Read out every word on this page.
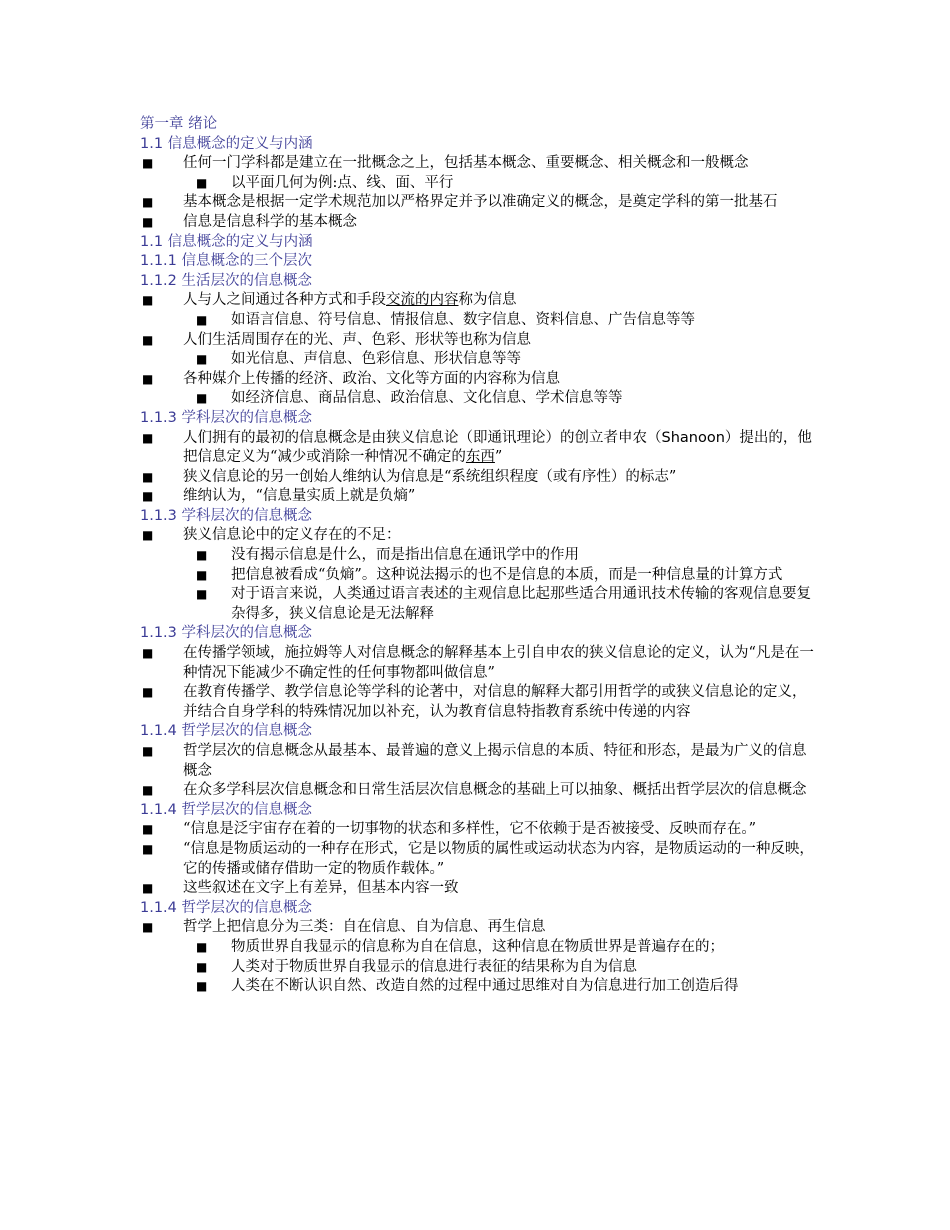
第一章 绪论
1.1 信息概念的定义与内涵
■ 任何一门学科都是建立在一批概念之上，包括基本概念、重要概念、相关概念和一般概念
■ 以平面几何为例:点、线、面、平行
■ 基本概念是根据一定学术规范加以严格界定并予以准确定义的概念，是奠定学科的第一批基石
■ 信息是信息科学的基本概念
1.1 信息概念的定义与内涵
1.1.1 信息概念的三个层次
1.1.2 生活层次的信息概念
■ 人与人之间通过各种方式和手段交流的内容称为信息
■ 如语言信息、符号信息、情报信息、数字信息、资料信息、广告信息等等
■ 人们生活周围存在的光、声、色彩、形状等也称为信息
■ 如光信息、声信息、色彩信息、形状信息等等
■ 各种媒介上传播的经济、政治、文化等方面的内容称为信息
■ 如经济信息、商品信息、政治信息、文化信息、学术信息等等
1.1.3 学科层次的信息概念
■ 人们拥有的最初的信息概念是由狭义信息论（即通讯理论）的创立者申农（Shanoon）提出的，他把信息定义为“减少或消除一种情况不确定的东西”
■ 狭义信息论的另一创始人维纳认为信息是“系统组织程度（或有序性）的标志”
■ 维纳认为，“信息量实质上就是负熵”
1.1.3 学科层次的信息概念
■ 狭义信息论中的定义存在的不足：
■ 没有揭示信息是什么，而是指出信息在通讯学中的作用
■ 把信息被看成“负熵”。这种说法揭示的也不是信息的本质，而是一种信息量的计算方式
■ 对于语言来说，人类通过语言表述的主观信息比起那些适合用通讯技术传输的客观信息要复杂得多，狭义信息论是无法解释
1.1.3 学科层次的信息概念
■ 在传播学领域，施拉姆等人对信息概念的解释基本上引自申农的狭义信息论的定义，认为“凡是在一种情况下能减少不确定性的任何事物都叫做信息”
■ 在教育传播学、教学信息论等学科的论著中，对信息的解释大都引用哲学的或狭义信息论的定义，并结合自身学科的特殊情况加以补充，认为教育信息特指教育系统中传递的内容
1.1.4 哲学层次的信息概念
■ 哲学层次的信息概念从最基本、最普遍的意义上揭示信息的本质、特征和形态，是最为广义的信息概念
■ 在众多学科层次信息概念和日常生活层次信息概念的基础上可以抽象、概括出哲学层次的信息概念
1.1.4 哲学层次的信息概念
■ “信息是泛宇宙存在着的一切事物的状态和多样性，它不依赖于是否被接受、反映而存在。”
■ “信息是物质运动的一种存在形式，它是以物质的属性或运动状态为内容，是物质运动的一种反映，它的传播或储存借助一定的物质作载体。”
■ 这些叙述在文字上有差异，但基本内容一致
1.1.4 哲学层次的信息概念
■ 哲学上把信息分为三类：自在信息、自为信息、再生信息
■ 物质世界自我显示的信息称为自在信息，这种信息在物质世界是普遍存在的；
■ 人类对于物质世界自我显示的信息进行表征的结果称为自为信息
■ 人类在不断认识自然、改造自然的过程中通过思维对自为信息进行加工创造后得
